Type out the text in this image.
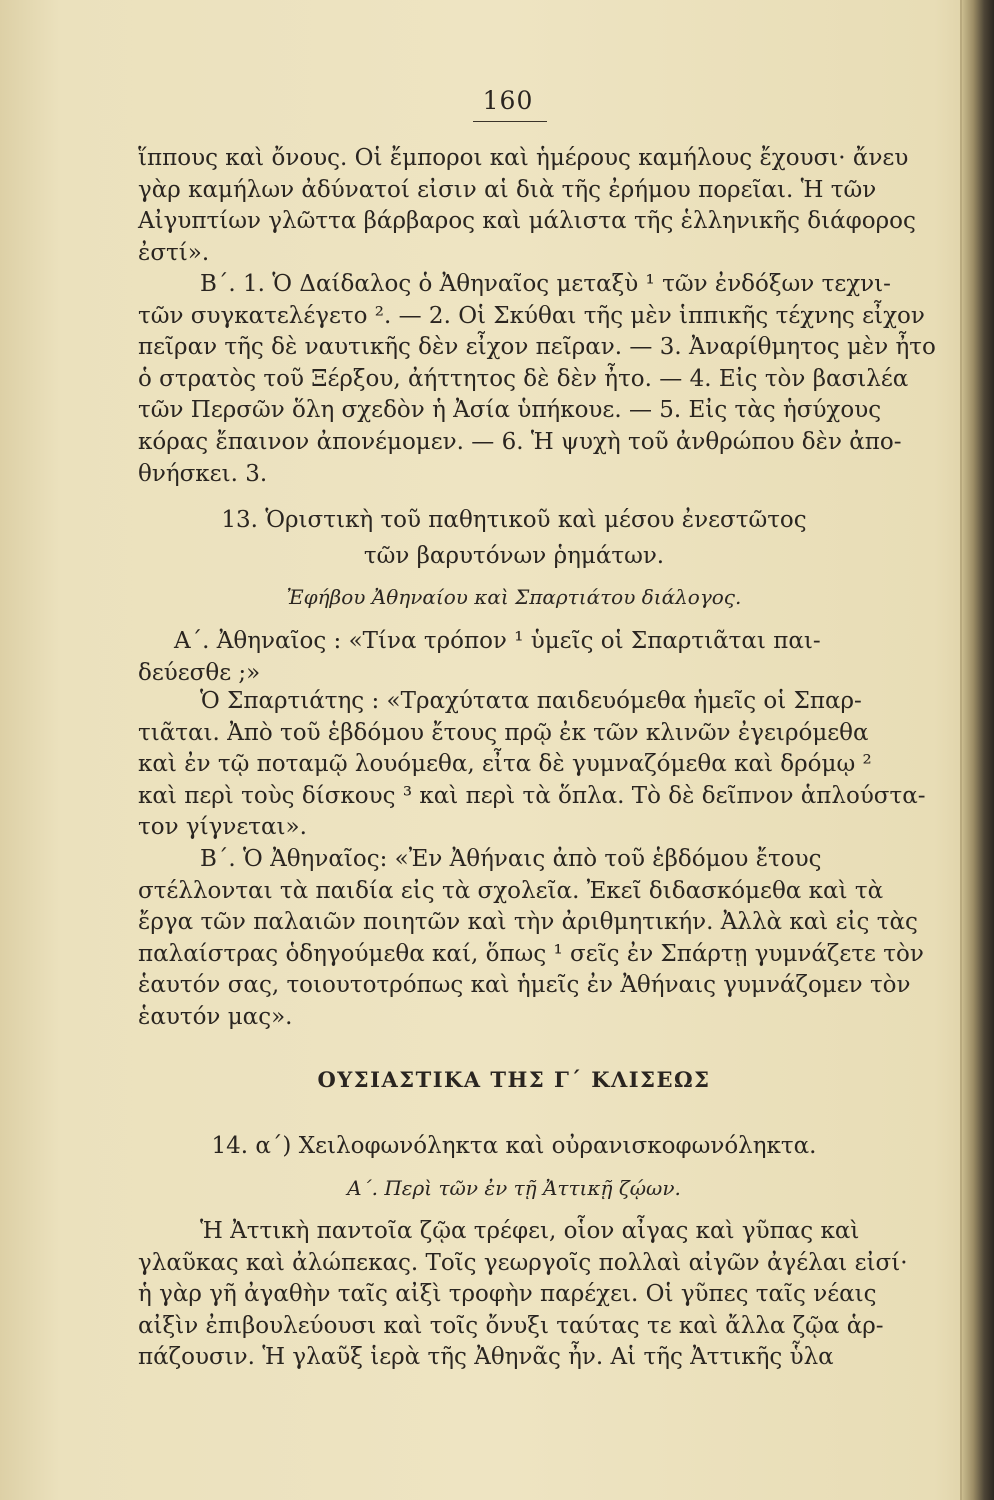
160
ἵππους καὶ ὄνους. Οἱ ἔμποροι καὶ ἡμέρους καμήλους ἔχουσι· ἄνευ
γὰρ καμήλων ἀδύνατοί εἰσιν αἱ διὰ τῆς ἐρήμου πορεῖαι. Ἡ τῶν
Αἰγυπτίων γλῶττα βάρβαρος καὶ μάλιστα τῆς ἑλληνικῆς διάφορος
ἐστί».
Β΄. 1. Ὁ Δαίδαλος ὁ Ἀθηναῖος μεταξὺ ¹ τῶν ἐνδόξων τεχνι-
τῶν συγκατελέγετο ². — 2. Οἱ Σκύθαι τῆς μὲν ἱππικῆς τέχνης εἶχον
πεῖραν τῆς δὲ ναυτικῆς δὲν εἶχον πεῖραν. — 3. Ἀναρίθμητος μὲν ἦτο
ὁ στρατὸς τοῦ Ξέρξου, ἀήττητος δὲ δὲν ἦτο. — 4. Εἰς τὸν βασιλέα
τῶν Περσῶν ὅλη σχεδὸν ἡ Ἀσία ὑπήκουε. — 5. Εἰς τὰς ἡσύχους
κόρας ἔπαινον ἀπονέμομεν. — 6. Ἡ ψυχὴ τοῦ ἀνθρώπου δὲν ἀπο-
θνήσκει. 3.
13. Ὁριστικὴ τοῦ παθητικοῦ καὶ μέσου ἐνεστῶτος
τῶν βαρυτόνων ῥημάτων.
Ἐφήβου Ἀθηναίου καὶ Σπαρτιάτου διάλογος.
Α΄. Ἀθηναῖος : «Τίνα τρόπον ¹ ὑμεῖς οἱ Σπαρτιᾶται παι-
δεύεσθε ;»
Ὁ Σπαρτιάτης : «Τραχύτατα παιδευόμεθα ἡμεῖς οἱ Σπαρ-
τιᾶται. Ἀπὸ τοῦ ἑβδόμου ἔτους πρῷ ἐκ τῶν κλινῶν ἐγειρόμεθα
καὶ ἐν τῷ ποταμῷ λουόμεθα, εἶτα δὲ γυμναζόμεθα καὶ δρόμῳ ²
καὶ περὶ τοὺς δίσκους ³ καὶ περὶ τὰ ὅπλα. Τὸ δὲ δεῖπνον ἁπλούστα-
τον γίγνεται».
Β΄. Ὁ Ἀθηναῖος: «Ἐν Ἀθήναις ἀπὸ τοῦ ἑβδόμου ἔτους
στέλλονται τὰ παιδία εἰς τὰ σχολεῖα. Ἐκεῖ διδασκόμεθα καὶ τὰ
ἔργα τῶν παλαιῶν ποιητῶν καὶ τὴν ἀριθμητικήν. Ἀλλὰ καὶ εἰς τὰς
παλαίστρας ὁδηγούμεθα καί, ὅπως ¹ σεῖς ἐν Σπάρτῃ γυμνάζετε τὸν
ἑαυτόν σας, τοιουτοτρόπως καὶ ἡμεῖς ἐν Ἀθήναις γυμνάζομεν τὸν
ἑαυτόν μας».
ΟΥΣΙΑΣΤΙΚΑ ΤΗΣ Γ΄ ΚΛΙΣΕΩΣ
14. α΄) Χειλοφωνόληκτα καὶ οὐρανισκοφωνόληκτα.
Α΄. Περὶ τῶν ἐν τῇ Ἀττικῇ ζῴων.
Ἡ Ἀττικὴ παντοῖα ζῷα τρέφει, οἷον αἶγας καὶ γῦπας καὶ
γλαῦκας καὶ ἀλώπεκας. Τοῖς γεωργοῖς πολλαὶ αἰγῶν ἀγέλαι εἰσί·
ἡ γὰρ γῆ ἀγαθὴν ταῖς αἰξὶ τροφὴν παρέχει. Οἱ γῦπες ταῖς νέαις
αἰξὶν ἐπιβουλεύουσι καὶ τοῖς ὄνυξι ταύτας τε καὶ ἄλλα ζῷα ἁρ-
πάζουσιν. Ἡ γλαῦξ ἱερὰ τῆς Ἀθηνᾶς ἦν. Αἱ τῆς Ἀττικῆς ὗλα
